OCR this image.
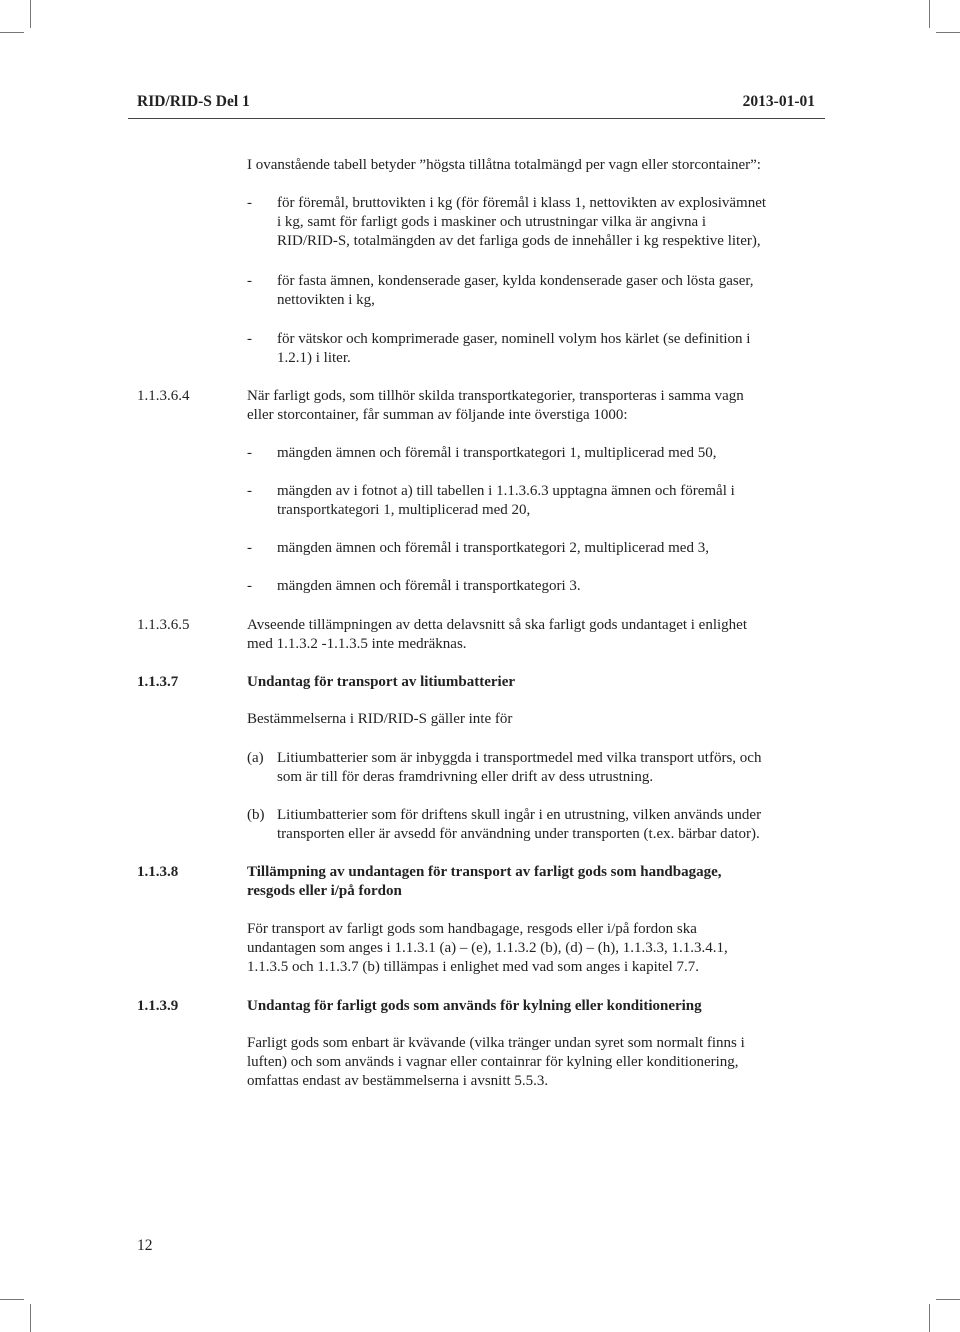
RID/RID-S Del 1	2013-01-01
I ovanstående tabell betyder ”högsta tillåtna totalmängd per vagn eller storcontainer”:
- för föremål, bruttovikten i kg (för föremål i klass 1, nettovikten av explosivämnet
i kg, samt för farligt gods i maskiner och utrustningar vilka är angivna i
RID/RID-S, totalmängden av det farliga gods de innehåller i kg respektive liter),
- för fasta ämnen, kondenserade gaser, kylda kondenserade gaser och lösta gaser,
nettovikten i kg,
- för vätskor och komprimerade gaser, nominell volym hos kärlet (se definition i
1.2.1) i liter.
1.1.3.6.4	När farligt gods, som tillhör skilda transportkategorier, transporteras i samma vagn
eller storcontainer, får summan av följande inte överstiga 1000:
- mängden ämnen och föremål i transportkategori 1, multiplicerad med 50,
- mängden av i fotnot a) till tabellen i 1.1.3.6.3 upptagna ämnen och föremål i
transportkategori 1, multiplicerad med 20,
- mängden ämnen och föremål i transportkategori 2, multiplicerad med 3,
- mängden ämnen och föremål i transportkategori 3.
1.1.3.6.5	Avseende tillämpningen av detta delavsnitt så ska farligt gods undantaget i enlighet
med 1.1.3.2 -1.1.3.5 inte medräknas.
1.1.3.7	Undantag för transport av litiumbatterier
Bestämmelserna i RID/RID-S gäller inte för
(a) Litiumbatterier som är inbyggda i transportmedel med vilka transport utförs, och
som är till för deras framdrivning eller drift av dess utrustning.
(b) Litiumbatterier som för driftens skull ingår i en utrustning, vilken används under
transporten eller är avsedd för användning under transporten (t.ex. bärbar dator).
1.1.3.8	Tillämpning av undantagen för transport av farligt gods som handbagage,
resgods eller i/på fordon
För transport av farligt gods som handbagage, resgods eller i/på fordon ska
undantagen som anges i 1.1.3.1 (a) – (e), 1.1.3.2 (b), (d) – (h), 1.1.3.3, 1.1.3.4.1,
1.1.3.5 och 1.1.3.7 (b) tillämpas i enlighet med vad som anges i kapitel 7.7.
1.1.3.9	Undantag för farligt gods som används för kylning eller konditionering
Farligt gods som enbart är kvävande (vilka tränger undan syret som normalt finns i
luften) och som används i vagnar eller containrar för kylning eller konditionering,
omfattas endast av bestämmelserna i avsnitt 5.5.3.
12
